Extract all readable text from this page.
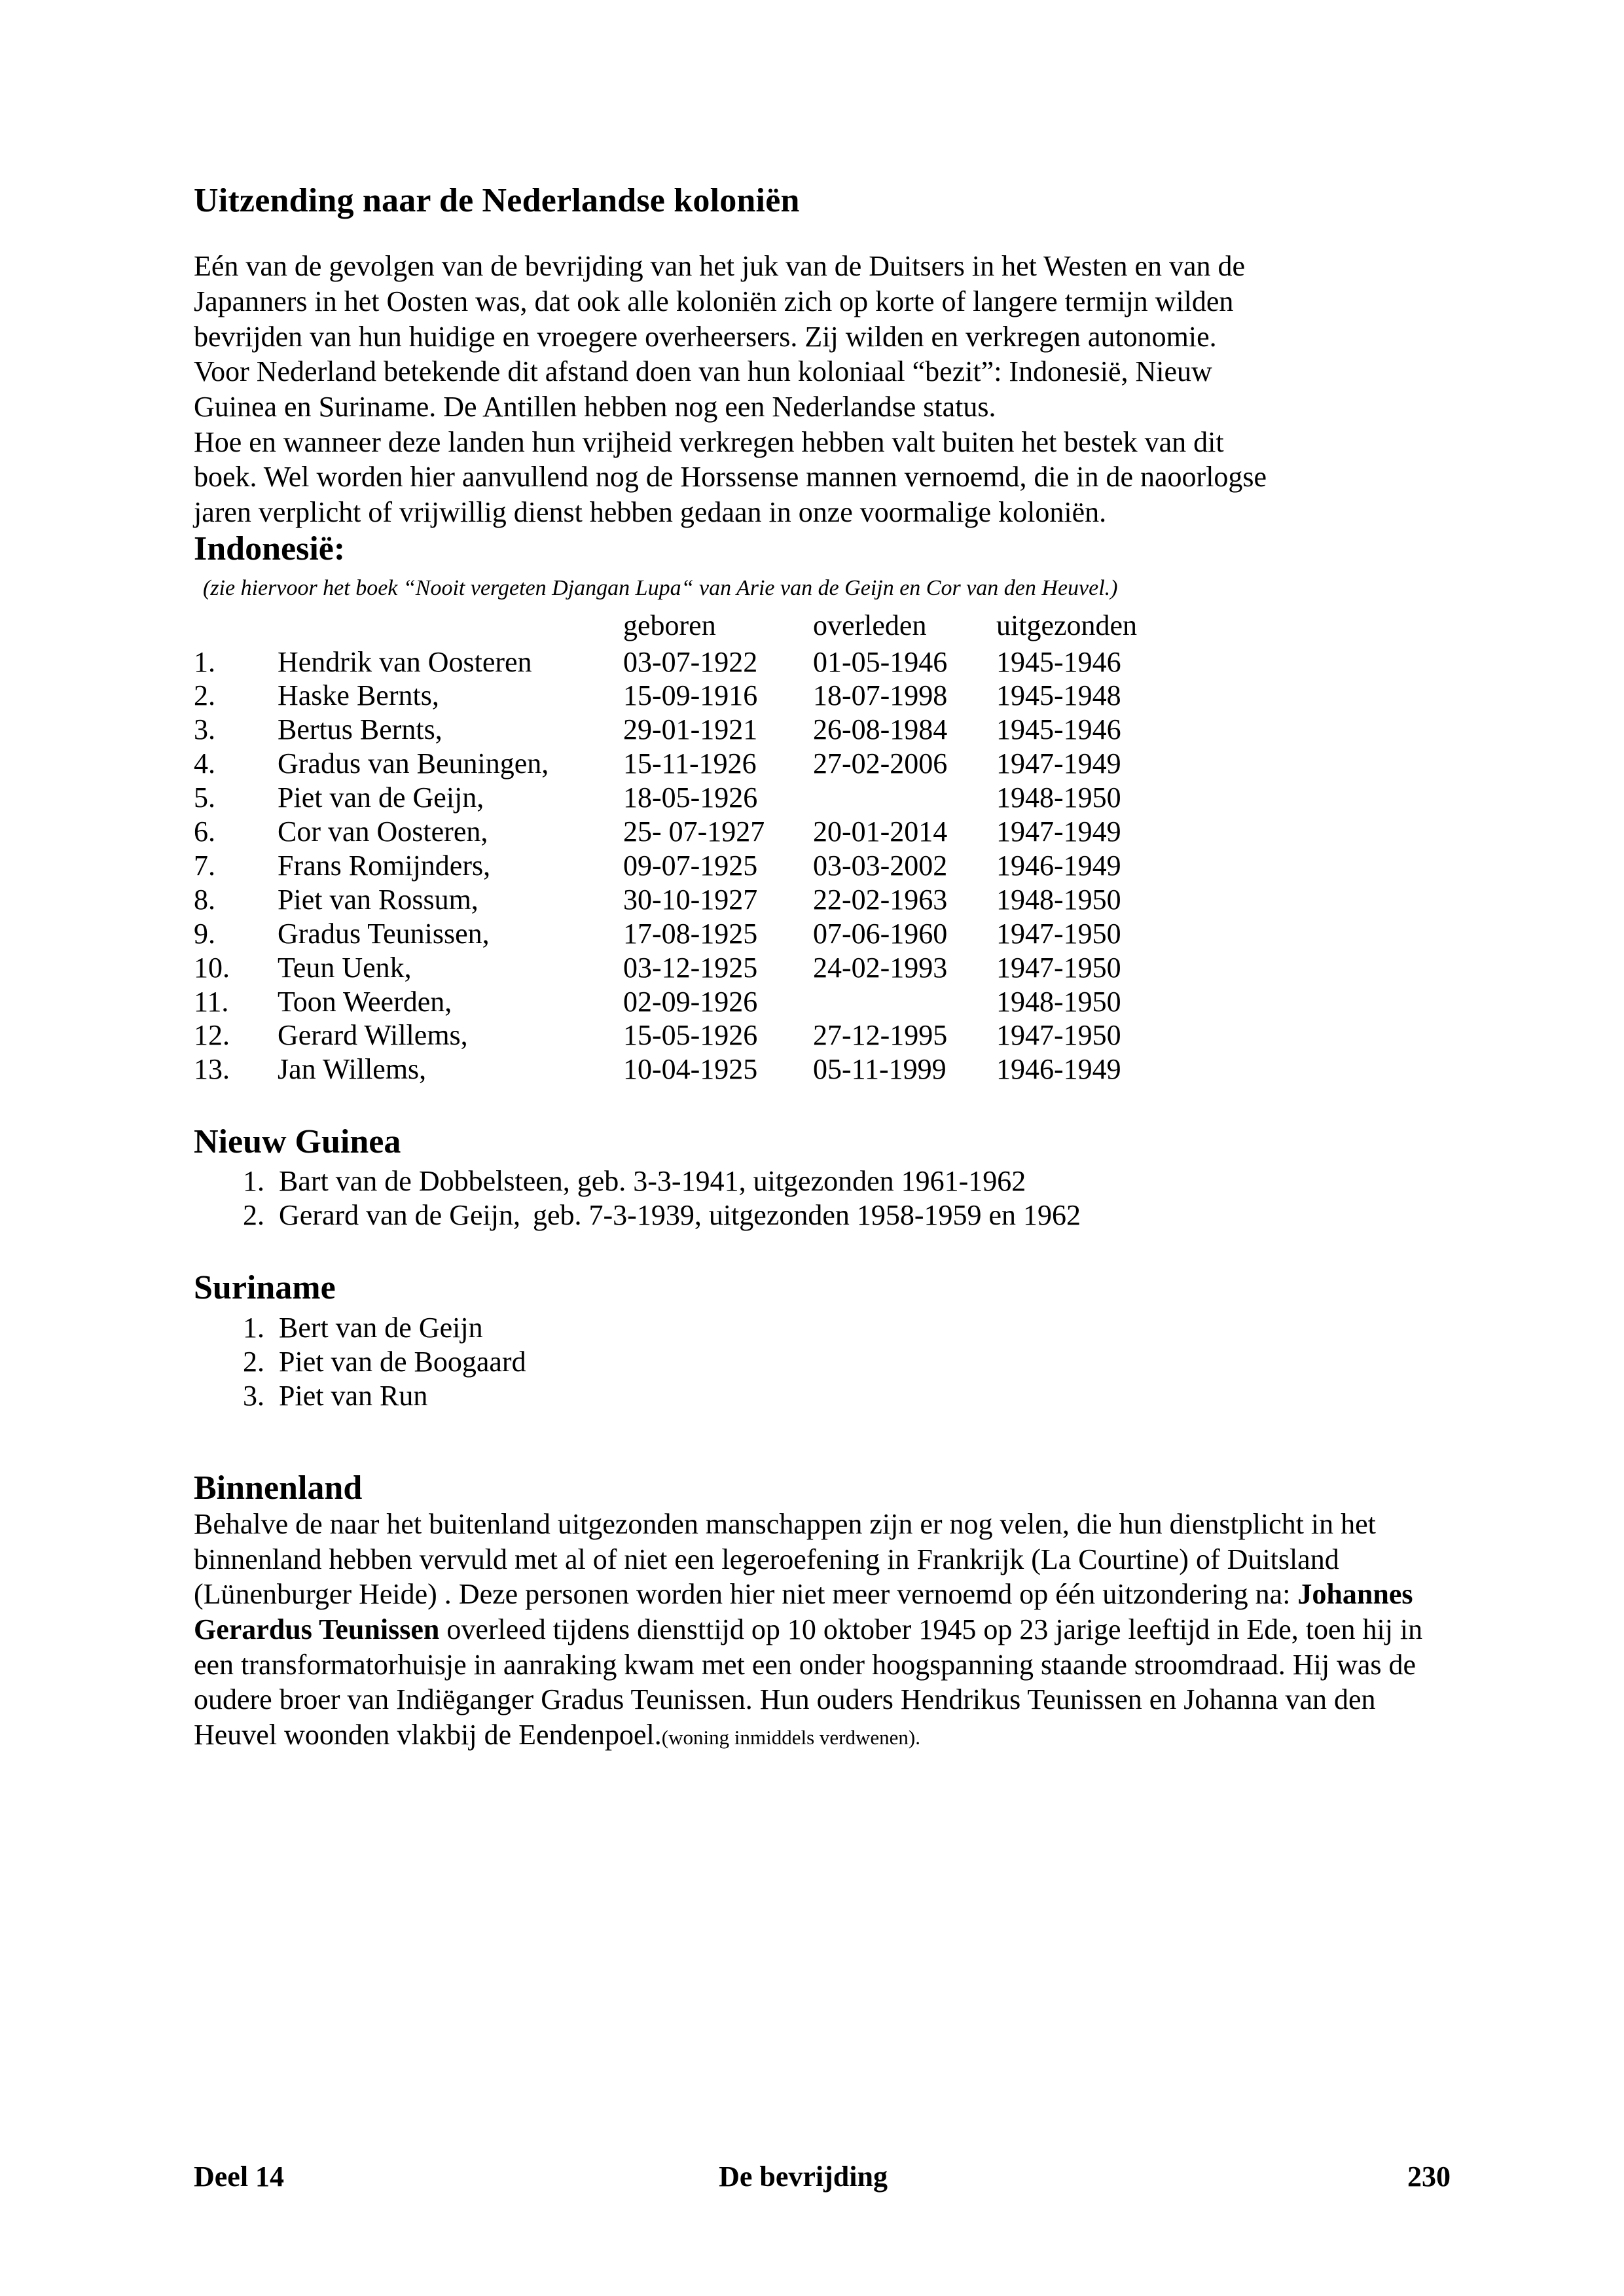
Uitzending naar de Nederlandse koloniën

Eén van de gevolgen van de bevrijding van het juk van de Duitsers in het Westen en van de
Japanners in het Oosten was, dat ook alle koloniën zich op korte of langere termijn wilden
bevrijden van hun huidige en vroegere overheersers. Zij wilden en verkregen autonomie.
Voor Nederland betekende dit afstand doen van hun koloniaal “bezit”: Indonesië, Nieuw
Guinea en Suriname. De Antillen hebben nog een Nederlandse status.
Hoe en wanneer deze landen hun vrijheid verkregen hebben valt buiten het bestek van dit
boek. Wel worden hier aanvullend nog de Horssense mannen vernoemd, die in de naoorlogse
jaren verplicht of vrijwillig dienst hebben gedaan in onze voormalige koloniën.

Indonesië:
(zie hiervoor het boek “Nooit vergeten Djangan Lupa“ van Arie van de Geijn en Cor van den Heuvel.)
		geboren	overleden	uitgezonden
1.	Hendrik van Oosteren	03-07-1922	01-05-1946	1945-1946
2.	Haske Bernts,	15-09-1916	18-07-1998	1945-1948
3.	Bertus Bernts,	29-01-1921	26-08-1984	1945-1946
4.	Gradus van Beuningen,	15-11-1926	27-02-2006	1947-1949
5.	Piet van de Geijn,	18-05-1926		1948-1950
6.	Cor van Oosteren,	25- 07-1927	20-01-2014	1947-1949
7.	Frans Romijnders,	09-07-1925	03-03-2002	1946-1949
8.	Piet van Rossum,	30-10-1927	22-02-1963	1948-1950
9.	Gradus Teunissen,	17-08-1925	07-06-1960	1947-1950
10.	Teun Uenk,	03-12-1925	24-02-1993	1947-1950
11.	Toon Weerden,	02-09-1926		1948-1950
12.	Gerard Willems,	15-05-1926	27-12-1995	1947-1950
13.	Jan Willems,	10-04-1925	05-11-1999	1946-1949
Nieuw Guinea
1. Bart van de Dobbelsteen, geb. 3-3-1941, uitgezonden 1961-1962
2. Gerard van de Geijn, geb. 7-3-1939, uitgezonden 1958-1959 en 1962
Suriname
1. Bert van de Geijn
2. Piet van de Boogaard
3. Piet van Run
Binnenland

Behalve de naar het buitenland uitgezonden manschappen zijn er nog velen, die hun dienstplicht in het binnenland hebben vervuld met al of niet een legeroefening in Frankrijk (La Courtine) of Duitsland (Lünenburger Heide) . Deze personen worden hier niet meer vernoemd op één uitzondering na: Johannes Gerardus Teunissen overleed tijdens diensttijd op 10 oktober 1945 op 23 jarige leeftijd in Ede, toen hij in een transformatorhuisje in aanraking kwam met een onder hoogspanning staande stroomdraad. Hij was de oudere broer van Indiëganger Gradus Teunissen. Hun ouders Hendrikus Teunissen en Johanna van den Heuvel woonden vlakbij de Eendenpoel.(woning inmiddels verdwenen).

Deel 14	De bevrijding	230
